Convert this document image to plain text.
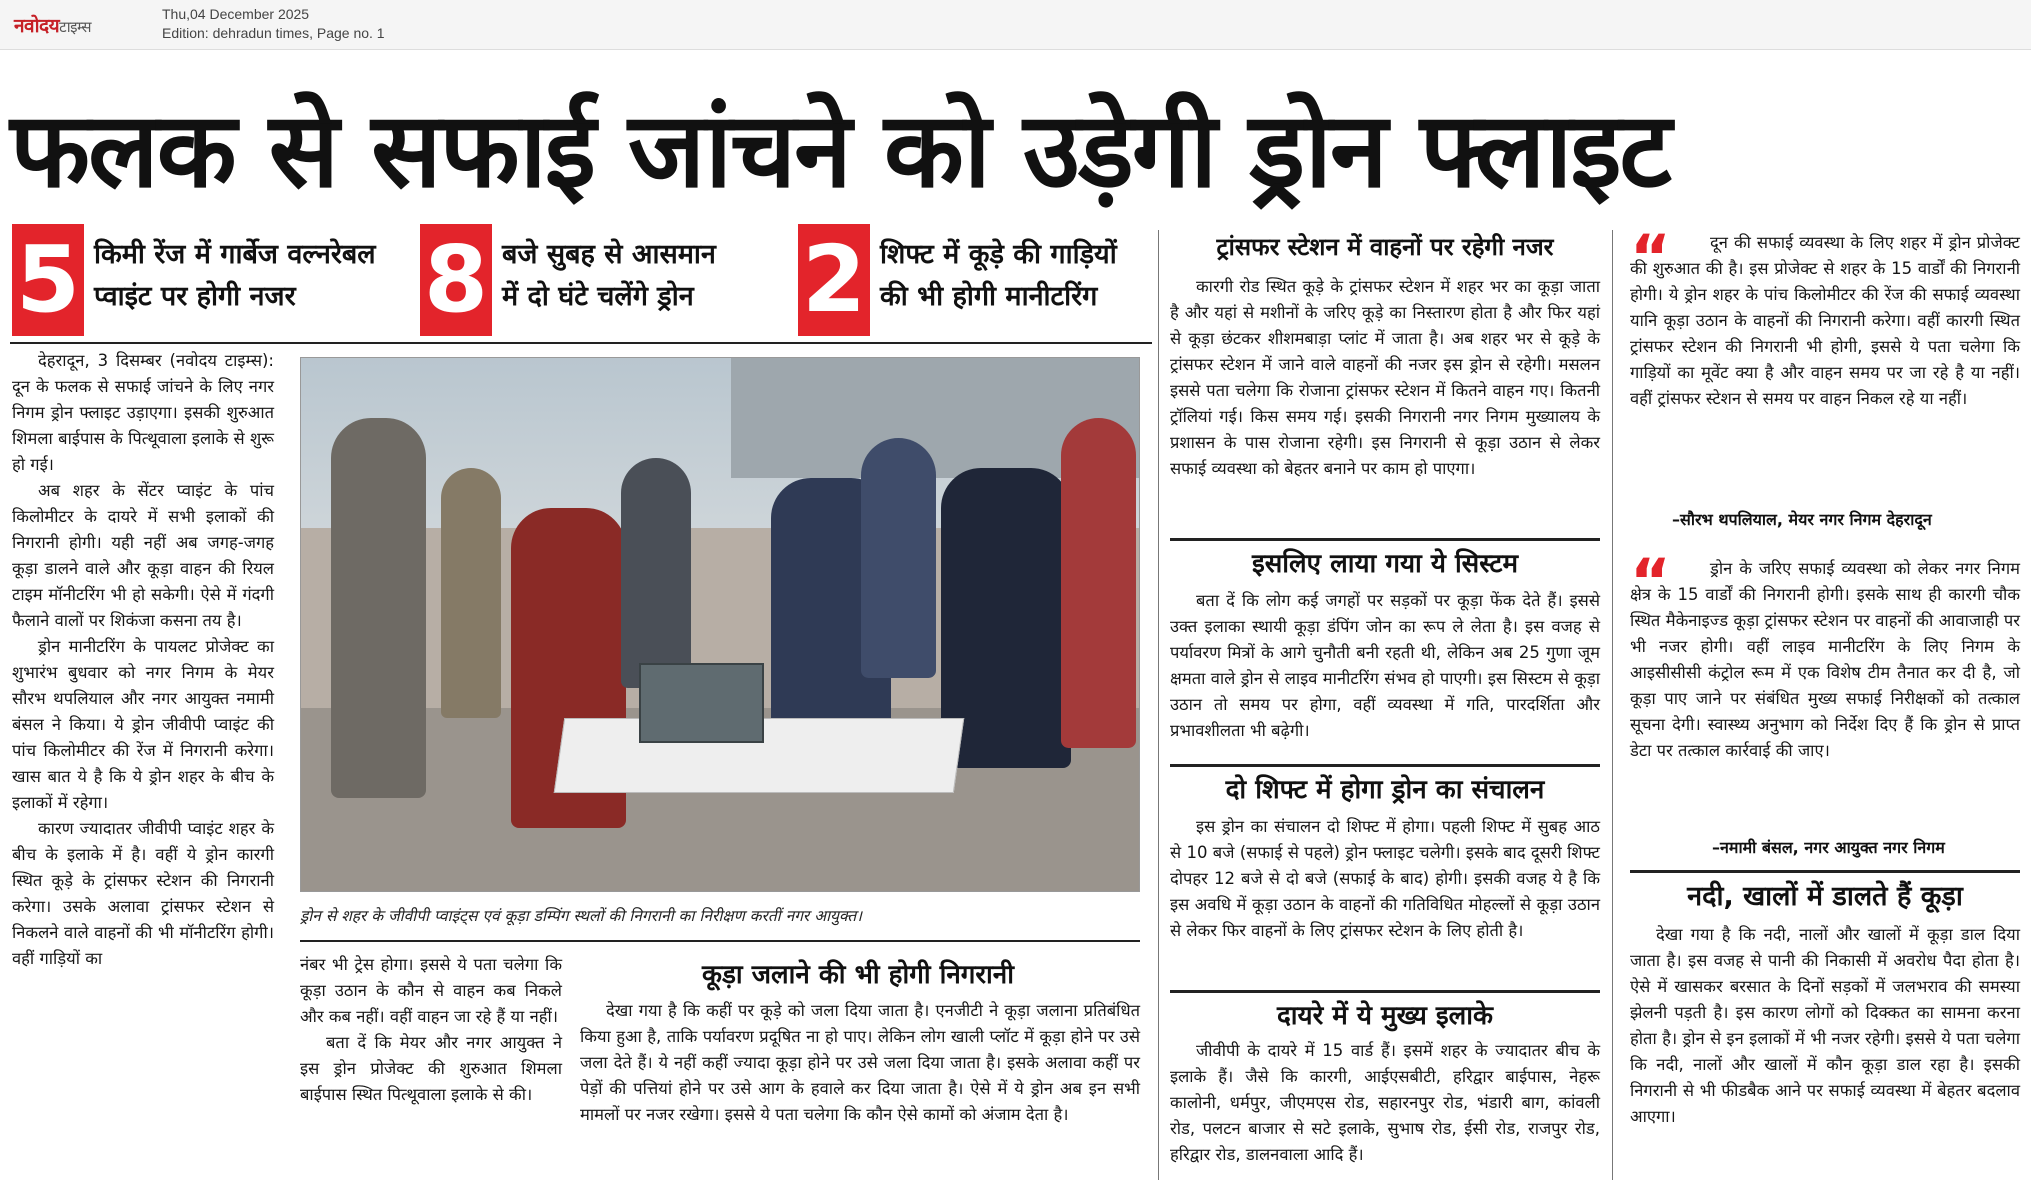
नवोदयटाइम्स
Thu,04 December 2025
Edition: dehradun times, Page no. 1
फलक से सफाई जांचने को उड़ेगी ड्रोन फ्लाइट
5 किमी रेंज में गार्बेज वल्नरेबल
प्वाइंट पर होगी नजर	8 बजे सुबह से आसमान
में दो घंटे चलेंगे ड्रोन 2 शिफ्ट में कूड़े की गाड़ियों
की भी होगी मानीटरिंग

देहरादून, 3 दिसम्बर (नवोदय टाइम्स): दून के फलक से सफाई जांचने के लिए नगर निगम ड्रोन फ्लाइट उड़ाएगा। इसकी शुरुआत शिमला बाईपास के पित्थूवाला इलाके से शुरू हो गई।

अब शहर के सेंटर प्वाइंट के पांच किलोमीटर के दायरे में सभी इलाकों की निगरानी होगी। यही नहीं अब जगह-जगह कूड़ा डालने वाले और कूड़ा वाहन की रियल टाइम मॉनीटरिंग भी हो सकेगी। ऐसे में गंदगी फैलाने वालों पर शिकंजा कसना तय है।

ड्रोन मानीटरिंग के पायलट प्रोजेक्ट का शुभारंभ बुधवार को नगर निगम के मेयर सौरभ थपलियाल और नगर आयुक्त नमामी बंसल ने किया। ये ड्रोन जीवीपी प्वाइंट की पांच किलोमीटर की रेंज में निगरानी करेगा। खास बात ये है कि ये ड्रोन शहर के बीच के इलाकों में रहेगा।

कारण ज्यादातर जीवीपी प्वाइंट शहर के बीच के इलाके में है। वहीं ये ड्रोन कारगी स्थित कूड़े के ट्रांसफर स्टेशन की निगरानी करेगा। उसके अलावा ट्रांसफर स्टेशन से निकलने वाले वाहनों की भी मॉनीटरिंग होगी। वहीं गाड़ियों का

ड्रोन से शहर के जीवीपी प्वाइंट्स एवं कूड़ा डम्पिंग स्थलों की निगरानी का निरीक्षण करतीं नगर आयुक्त।

नंबर भी ट्रेस होगा। इससे ये पता चलेगा कि कूड़ा उठान के कौन से वाहन कब निकले और कब नहीं। वहीं वाहन जा रहे हैं या नहीं।

बता दें कि मेयर और नगर आयुक्त ने इस ड्रोन प्रोजेक्ट की शुरुआत शिमला बाईपास स्थित पित्थूवाला इलाके से की।

कूड़ा जलाने की भी होगी निगरानी

देखा गया है कि कहीं पर कूड़े को जला दिया जाता है। एनजीटी ने कूड़ा जलाना प्रतिबंधित किया हुआ है, ताकि पर्यावरण प्रदूषित ना हो पाए। लेकिन लोग खाली प्लॉट में कूड़ा होने पर उसे जला देते हैं। ये नहीं कहीं ज्यादा कूड़ा होने पर उसे जला दिया जाता है। इसके अलावा कहीं पर पेड़ों की पत्तियां होने पर उसे आग के हवाले कर दिया जाता है। ऐसे में ये ड्रोन अब इन सभी मामलों पर नजर रखेगा। इससे ये पता चलेगा कि कौन ऐसे कामों को अंजाम देता है।

ट्रांसफर स्टेशन में वाहनों पर रहेगी नजर

कारगी रोड स्थित कूड़े के ट्रांसफर स्टेशन में शहर भर का कूड़ा जाता है और यहां से मशीनों के जरिए कूड़े का निस्तारण होता है और फिर यहां से कूड़ा छंटकर शीशमबाड़ा प्लांट में जाता है। अब शहर भर से कूड़े के ट्रांसफर स्टेशन में जाने वाले वाहनों की नजर इस ड्रोन से रहेगी। मसलन इससे पता चलेगा कि रोजाना ट्रांसफर स्टेशन में कितने वाहन गए। कितनी ट्रॉलियां गई। किस समय गई। इसकी निगरानी नगर निगम मुख्यालय के प्रशासन के पास रोजाना रहेगी। इस निगरानी से कूड़ा उठान से लेकर सफाई व्यवस्था को बेहतर बनाने पर काम हो पाएगा।

इसलिए लाया गया ये सिस्टम

बता दें कि लोग कई जगहों पर सड़कों पर कूड़ा फेंक देते हैं। इससे उक्त इलाका स्थायी कूड़ा डंपिंग जोन का रूप ले लेता है। इस वजह से पर्यावरण मित्रों के आगे चुनौती बनी रहती थी, लेकिन अब 25 गुणा जूम क्षमता वाले ड्रोन से लाइव मानीटरिंग संभव हो पाएगी। इस सिस्टम से कूड़ा उठान तो समय पर होगा, वहीं व्यवस्था में गति, पारदर्शिता और प्रभावशीलता भी बढ़ेगी।

दो शिफ्ट में होगा ड्रोन का संचालन

इस ड्रोन का संचालन दो शिफ्ट में होगा। पहली शिफ्ट में सुबह आठ से 10 बजे (सफाई से पहले) ड्रोन फ्लाइट चलेगी। इसके बाद दूसरी शिफ्ट दोपहर 12 बजे से दो बजे (सफाई के बाद) होगी। इसकी वजह ये है कि इस अवधि में कूड़ा उठान के वाहनों की गतिविधित मोहल्लों से कूड़ा उठान से लेकर फिर वाहनों के लिए ट्रांसफर स्टेशन के लिए होती है।

दायरे में ये मुख्य इलाके

जीवीपी के दायरे में 15 वार्ड हैं। इसमें शहर के ज्यादातर बीच के इलाके हैं। जैसे कि कारगी, आईएसबीटी, हरिद्वार बाईपास, नेहरू कालोनी, धर्मपुर, जीएमएस रोड, सहारनपुर रोड, भंडारी बाग, कांवली रोड, पलटन बाजार से सटे इलाके, सुभाष रोड, ईसी रोड, राजपुर रोड, हरिद्वार रोड, डालनवाला आदि हैं।

“	दून की सफाई व्यवस्था के लिए शहर में ड्रोन प्रोजेक्ट की शुरुआत की है। इस प्रोजेक्ट से शहर के 15 वार्डों की निगरानी होगी। ये ड्रोन शहर के पांच किलोमीटर की रेंज की सफाई व्यवस्था यानि कूड़ा उठान के वाहनों की निगरानी करेगा। वहीं कारगी स्थित ट्रांसफर स्टेशन की निगरानी भी होगी, इससे ये पता चलेगा कि गाड़ियों का मूवेंट क्या है और वाहन समय पर जा रहे है या नहीं। वहीं ट्रांसफर स्टेशन से समय पर वाहन निकल रहे या नहीं।

–सौरभ थपलियाल, मेयर नगर निगम देहरादून
“	ड्रोन के जरिए सफाई व्यवस्था को लेकर नगर निगम क्षेत्र के 15 वार्डों की निगरानी होगी। इसके साथ ही कारगी चौक स्थित मैकेनाइज्ड कूड़ा ट्रांसफर स्टेशन पर वाहनों की आवाजाही पर भी नजर होगी। वहीं लाइव मानीटरिंग के लिए निगम के आइसीसीसी कंट्रोल रूम में एक विशेष टीम तैनात कर दी है, जो कूड़ा पाए जाने पर संबंधित मुख्य सफाई निरीक्षकों को तत्काल सूचना देगी। स्वास्थ्य अनुभाग को निर्देश दिए हैं कि ड्रोन से प्राप्त डेटा पर तत्काल कार्रवाई की जाए।

–नमामी बंसल, नगर आयुक्त नगर निगम
नदी, खालों में डालते हैं कूड़ा

देखा गया है कि नदी, नालों और खालों में कूड़ा डाल दिया जाता है। इस वजह से पानी की निकासी में अवरोध पैदा होता है। ऐसे में खासकर बरसात के दिनों सड़कों में जलभराव की समस्या झेलनी पड़ती है। इस कारण लोगों को दिक्कत का सामना करना होता है। ड्रोन से इन इलाकों में भी नजर रहेगी। इससे ये पता चलेगा कि नदी, नालों और खालों में कौन कूड़ा डाल रहा है। इसकी निगरानी से भी फीडबैक आने पर सफाई व्यवस्था में बेहतर बदलाव आएगा।
